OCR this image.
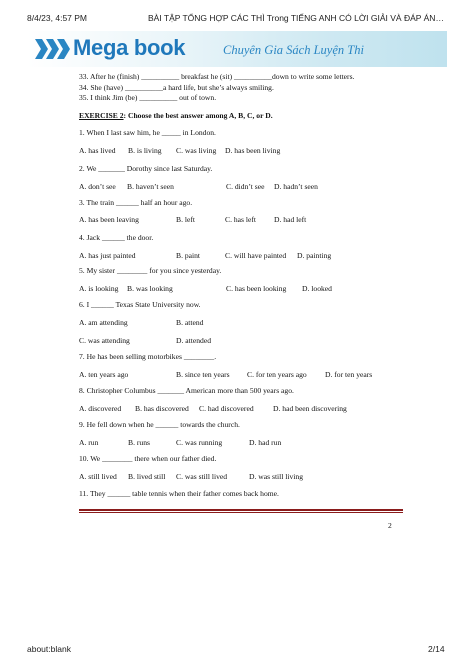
8/4/23, 4:57 PM	BÀI TẬP TỔNG HỢP CÁC THÌ Trong TIẾNG ANH CÓ LỜI GIẢI VÀ ĐÁP ÁN…
Mega book	Chuyên Gia Sách Luyện Thi
33. After he (finish) __________ breakfast he (sit) __________down to write some letters.
34. She (have) __________a hard life, but she’s always smiling.
35. I think Jim (be) __________ out of town.
EXERCISE 2: Choose the best answer among A, B, C, or D.
1. When I last saw him, he _____ in London.
A. has lived B. is living C. was living D. has been living
2. We _______ Dorothy since last Saturday.
A. don’t see B. haven’t seen	C. didn’t see D. hadn’t seen
3. The train ______ half an hour ago.
A. has been leaving	B. left	C. has left D. had left
4. Jack ______ the door.
A. has just painted	B. paint	C. will have painted D. painting
5. My sister ________ for you since yesterday.
A. is looking B. was looking	C. has been looking D. looked
6. I ______ Texas State University now.
A. am attending	B. attend
C. was attending	D. attended
7. He has been selling motorbikes ________.
A. ten years ago	B. since ten years C. for ten years ago D. for ten years
8. Christopher Columbus _______ American more than 500 years ago.
A. discovered B. has discovered C. had discovered	D. had been discovering
9. He fell down when he ______ towards the church.
A. run	B. runs	C. was running	D. had run
10. We ________ there when our father died.
A. still lived B. lived still C. was still lived	D. was still living
11. They ______ table tennis when their father comes back home.
2
about:blank	2/14
